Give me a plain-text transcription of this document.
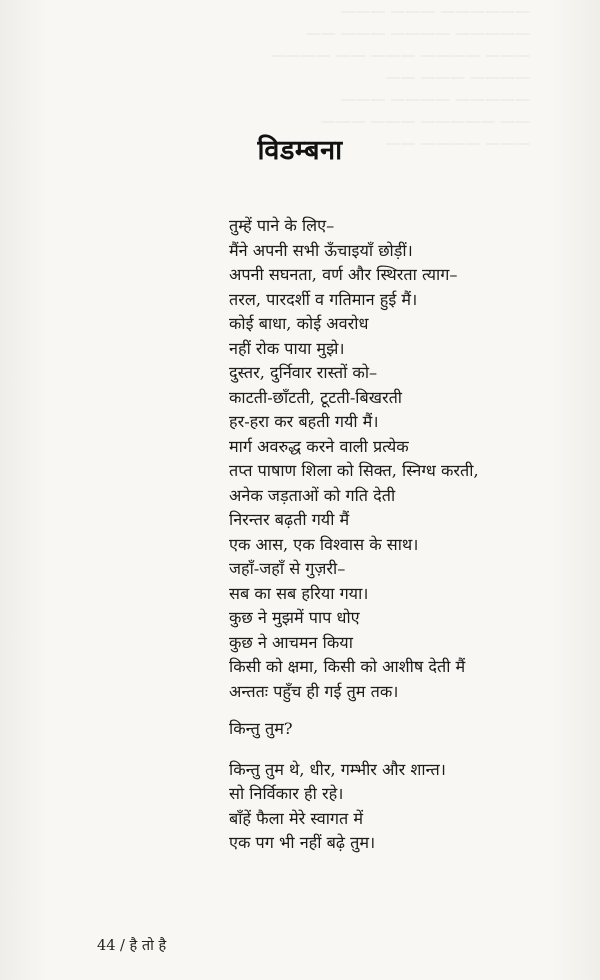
—————— ——— ———
————— ———— ——— ——
——— ———— ——— —— ————
———— ——— ——
————— ———— ———
—— ————— ——— ———
——— ———— ——
विडम्बना
तुम्हें पाने के लिए–
मैंने अपनी सभी ऊँचाइयाँ छोड़ीं।
अपनी सघनता, वर्ण और स्थिरता त्याग–
तरल, पारदर्शी व गतिमान हुई मैं।
कोई बाधा, कोई अवरोध
नहीं रोक पाया मुझे।
दुस्तर, दुर्निवार रास्तों को–
काटती-छाँटती, टूटती-बिखरती
हर-हरा कर बहती गयी मैं।
मार्ग अवरुद्ध करने वाली प्रत्येक
तप्त पाषाण शिला को सिक्त, स्निग्ध करती,
अनेक जड़ताओं को गति देती
निरन्तर बढ़ती गयी मैं
एक आस, एक विश्वास के साथ।
जहाँ-जहाँ से गुज़री–
सब का सब हरिया गया।
कुछ ने मुझमें पाप धोए
कुछ ने आचमन किया
किसी को क्षमा, किसी को आशीष देती मैं
अन्ततः पहुँच ही गई तुम तक।
किन्तु तुम?
किन्तु तुम थे, धीर, गम्भीर और शान्त।
सो निर्विकार ही रहे।
बाँहें फैला मेरे स्वागत में
एक पग भी नहीं बढ़े तुम।
44 / है तो है
